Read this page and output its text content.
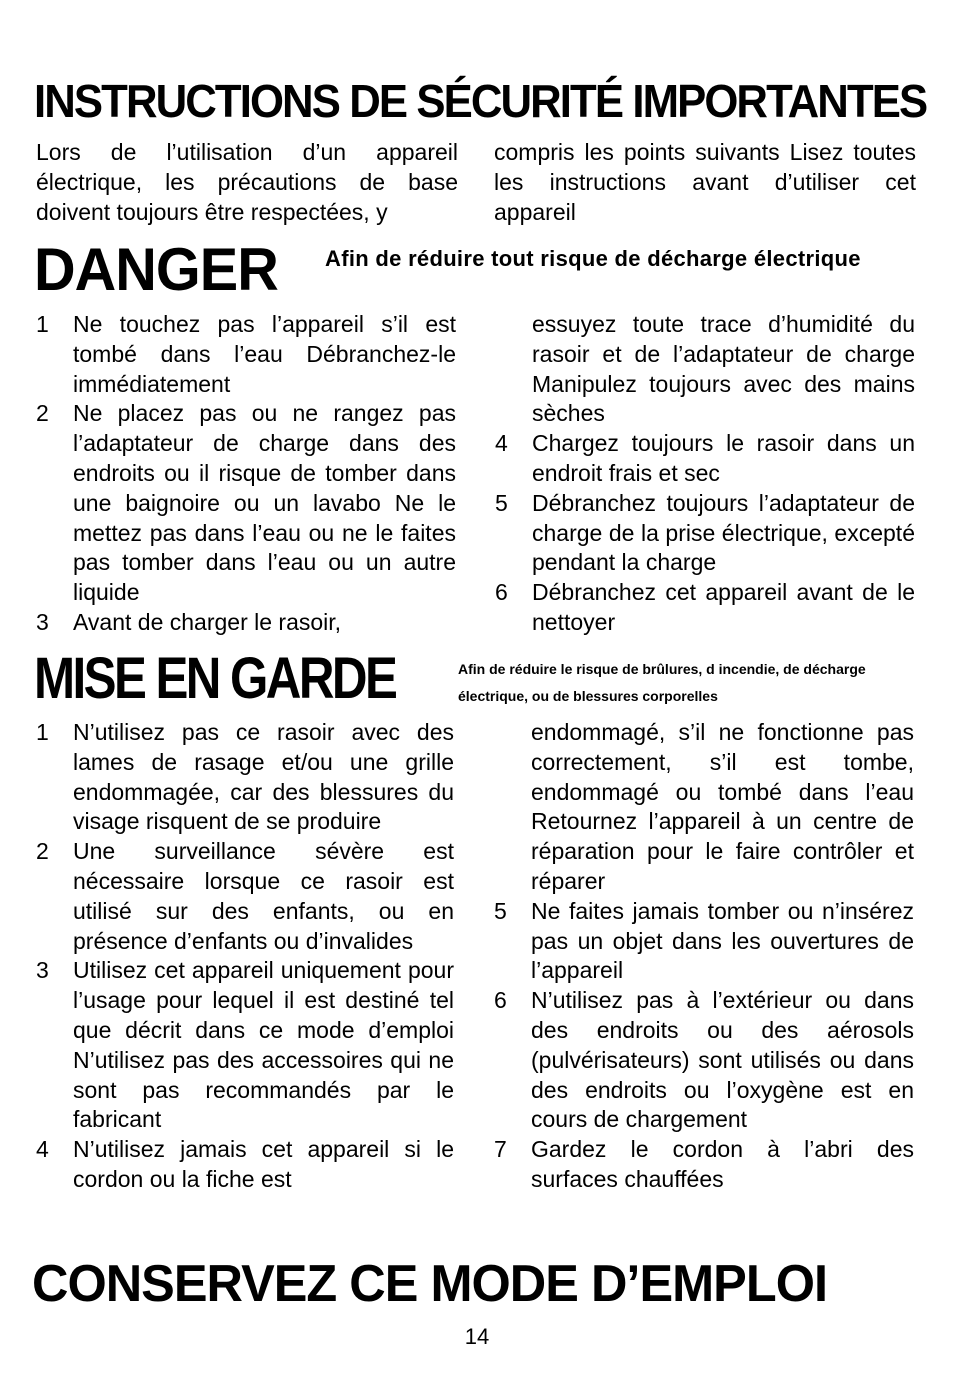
INSTRUCTIONS DE SÉCURITÉ IMPORTANTES
Lors de l’utilisation d’un appareil électrique, les précautions de base doivent toujours être respectées, y
compris les points suivants Lisez toutes les instructions avant d’utiliser cet appareil
DANGER Afin de réduire tout risque de décharge électrique
1	Ne touchez pas l’appareil s’il est tombé dans l’eau Débranchez-le immédiatement
2	Ne placez pas ou ne rangez pas l’adaptateur de charge dans des endroits ou il risque de tomber dans une baignoire ou un lavabo Ne le mettez pas dans l’eau ou ne le faites pas tomber dans l’eau ou un autre liquide
3	Avant de charger le rasoir,
essuyez toute trace d’humidité du rasoir et de l’adaptateur de charge Manipulez toujours avec des mains sèches
4	Chargez toujours le rasoir dans un endroit frais et sec
5	Débranchez toujours l’adaptateur de charge de la prise électrique, excepté pendant la charge
6	Débranchez cet appareil avant de le nettoyer
MISE EN GARDE	Afin de réduire le risque de brûlures, d incendie, de décharge électrique, ou de blessures corporelles
1	N’utilisez pas ce rasoir avec des lames de rasage et/ou une grille endommagée, car des blessures du visage risquent de se produire
2	Une surveillance sévère est nécessaire lorsque ce rasoir est utilisé sur des enfants, ou en présence d’enfants ou d’invalides
3	Utilisez cet appareil uniquement pour l’usage pour lequel il est destiné tel que décrit dans ce mode d’emploi N’utilisez pas des accessoires qui ne sont pas recommandés par le fabricant
4	N’utilisez jamais cet appareil si le cordon ou la fiche est
endommagé, s’il ne fonctionne pas correctement, s’il est tombe, endommagé ou tombé dans l’eau Retournez l’appareil à un centre de réparation pour le faire contrôler et réparer
5	Ne faites jamais tomber ou n’insérez pas un objet dans les ouvertures de l’appareil
6	N’utilisez pas à l’extérieur ou dans des endroits ou des aérosols (pulvérisateurs) sont utilisés ou dans des endroits ou l’oxygène est en cours de chargement
7	Gardez le cordon à l’abri des surfaces chauffées
CONSERVEZ CE MODE D’EMPLOI
14
